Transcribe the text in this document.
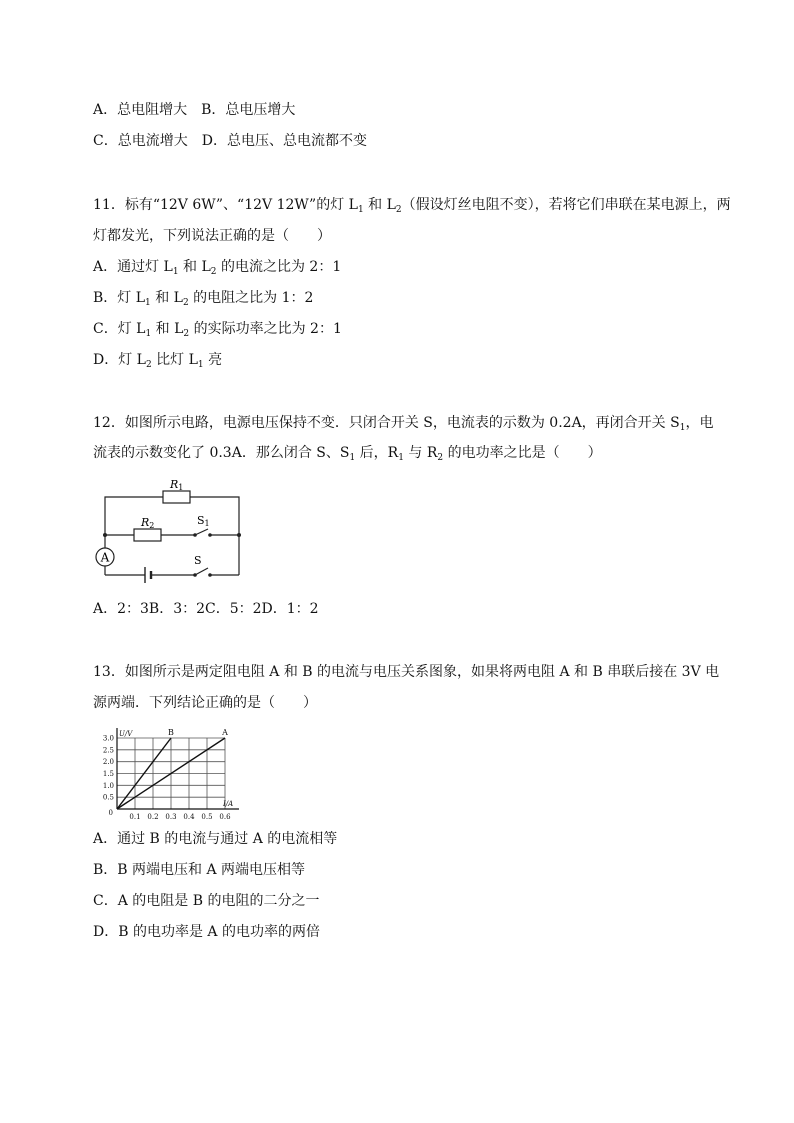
A．总电阻增大 B．总电压增大
C．总电流增大 D．总电压、总电流都不变
11．标有“12V 6W”、“12V 12W”的灯 $L_1$ 和 $L_2$（假设灯丝电阻不变），若将它们串联在某电源上，两
灯都发光，下列说法正确的是（　　）
A．通过灯 $L_1$ 和 $L_2$ 的电流之比为 2：1
B．灯 $L_1$ 和 $L_2$ 的电阻之比为 1：2
C．灯 $L_1$ 和 $L_2$ 的实际功率之比为 2：1
D．灯 $L_2$ 比灯 $L_1$ 亮
12．如图所示电路，电源电压保持不变．只闭合开关 S，电流表的示数为 0.2A，再闭合开关 $S_1$，电
流表的示数变化了 0.3A．那么闭合 S、$S_1$ 后，$R_1$ 与 $R_2$ 的电功率之比是（　　）
A
R1
R2	S1
S
A．2：3B．3：2C．5：2D．1：2
13．如图所示是两定阻电阻 A 和 B 的电流与电压关系图象，如果将两电阻 A 和 B 串联后接在 3V 电
源两端．下列结论正确的是（　　）
B	A
0.1 0.2 0.3 0.4 0.5 0.6
0.5
1.0
1.5
2.0
2.5
3.0
0
U/V
I/A
A．通过 B 的电流与通过 A 的电流相等
B．B 两端电压和 A 两端电压相等
C．A 的电阻是 B 的电阻的二分之一
D．B 的电功率是 A 的电功率的两倍
